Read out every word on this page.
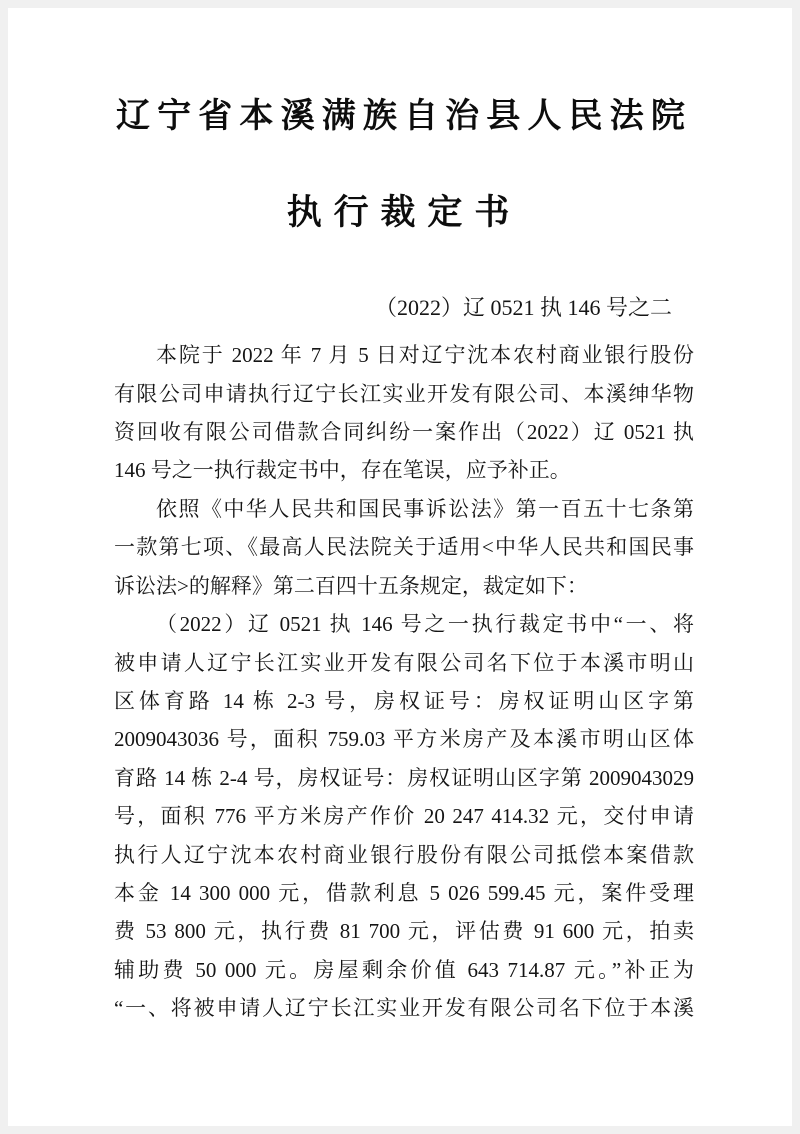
辽宁省本溪满族自治县人民法院
执行裁定书
（2022）辽 0521 执 146 号之二
本院于 2022 年 7 月 5 日对辽宁沈本农村商业银行股份
有限公司申请执行辽宁长江实业开发有限公司、本溪绅华物
资回收有限公司借款合同纠纷一案作出（2022）辽 0521 执
146 号之一执行裁定书中，存在笔误，应予补正。
依照《中华人民共和国民事诉讼法》第一百五十七条第
一款第七项、《最高人民法院关于适用<中华人民共和国民事
诉讼法>的解释》第二百四十五条规定，裁定如下：
（2022）辽 0521 执 146 号之一执行裁定书中“一、将
被申请人辽宁长江实业开发有限公司名下位于本溪市明山
区体育路 14 栋 2-3 号，房权证号：房权证明山区字第
2009043036 号，面积 759.03 平方米房产及本溪市明山区体
育路 14 栋 2-4 号，房权证号：房权证明山区字第 2009043029
号，面积 776 平方米房产作价 20 247 414.32 元，交付申请
执行人辽宁沈本农村商业银行股份有限公司抵偿本案借款
本金 14 300 000 元，借款利息 5 026 599.45 元，案件受理
费 53 800 元，执行费 81 700 元，评估费 91 600 元，拍卖
辅助费 50 000 元。房屋剩余价值 643 714.87 元。”补正为
“一、将被申请人辽宁长江实业开发有限公司名下位于本溪
